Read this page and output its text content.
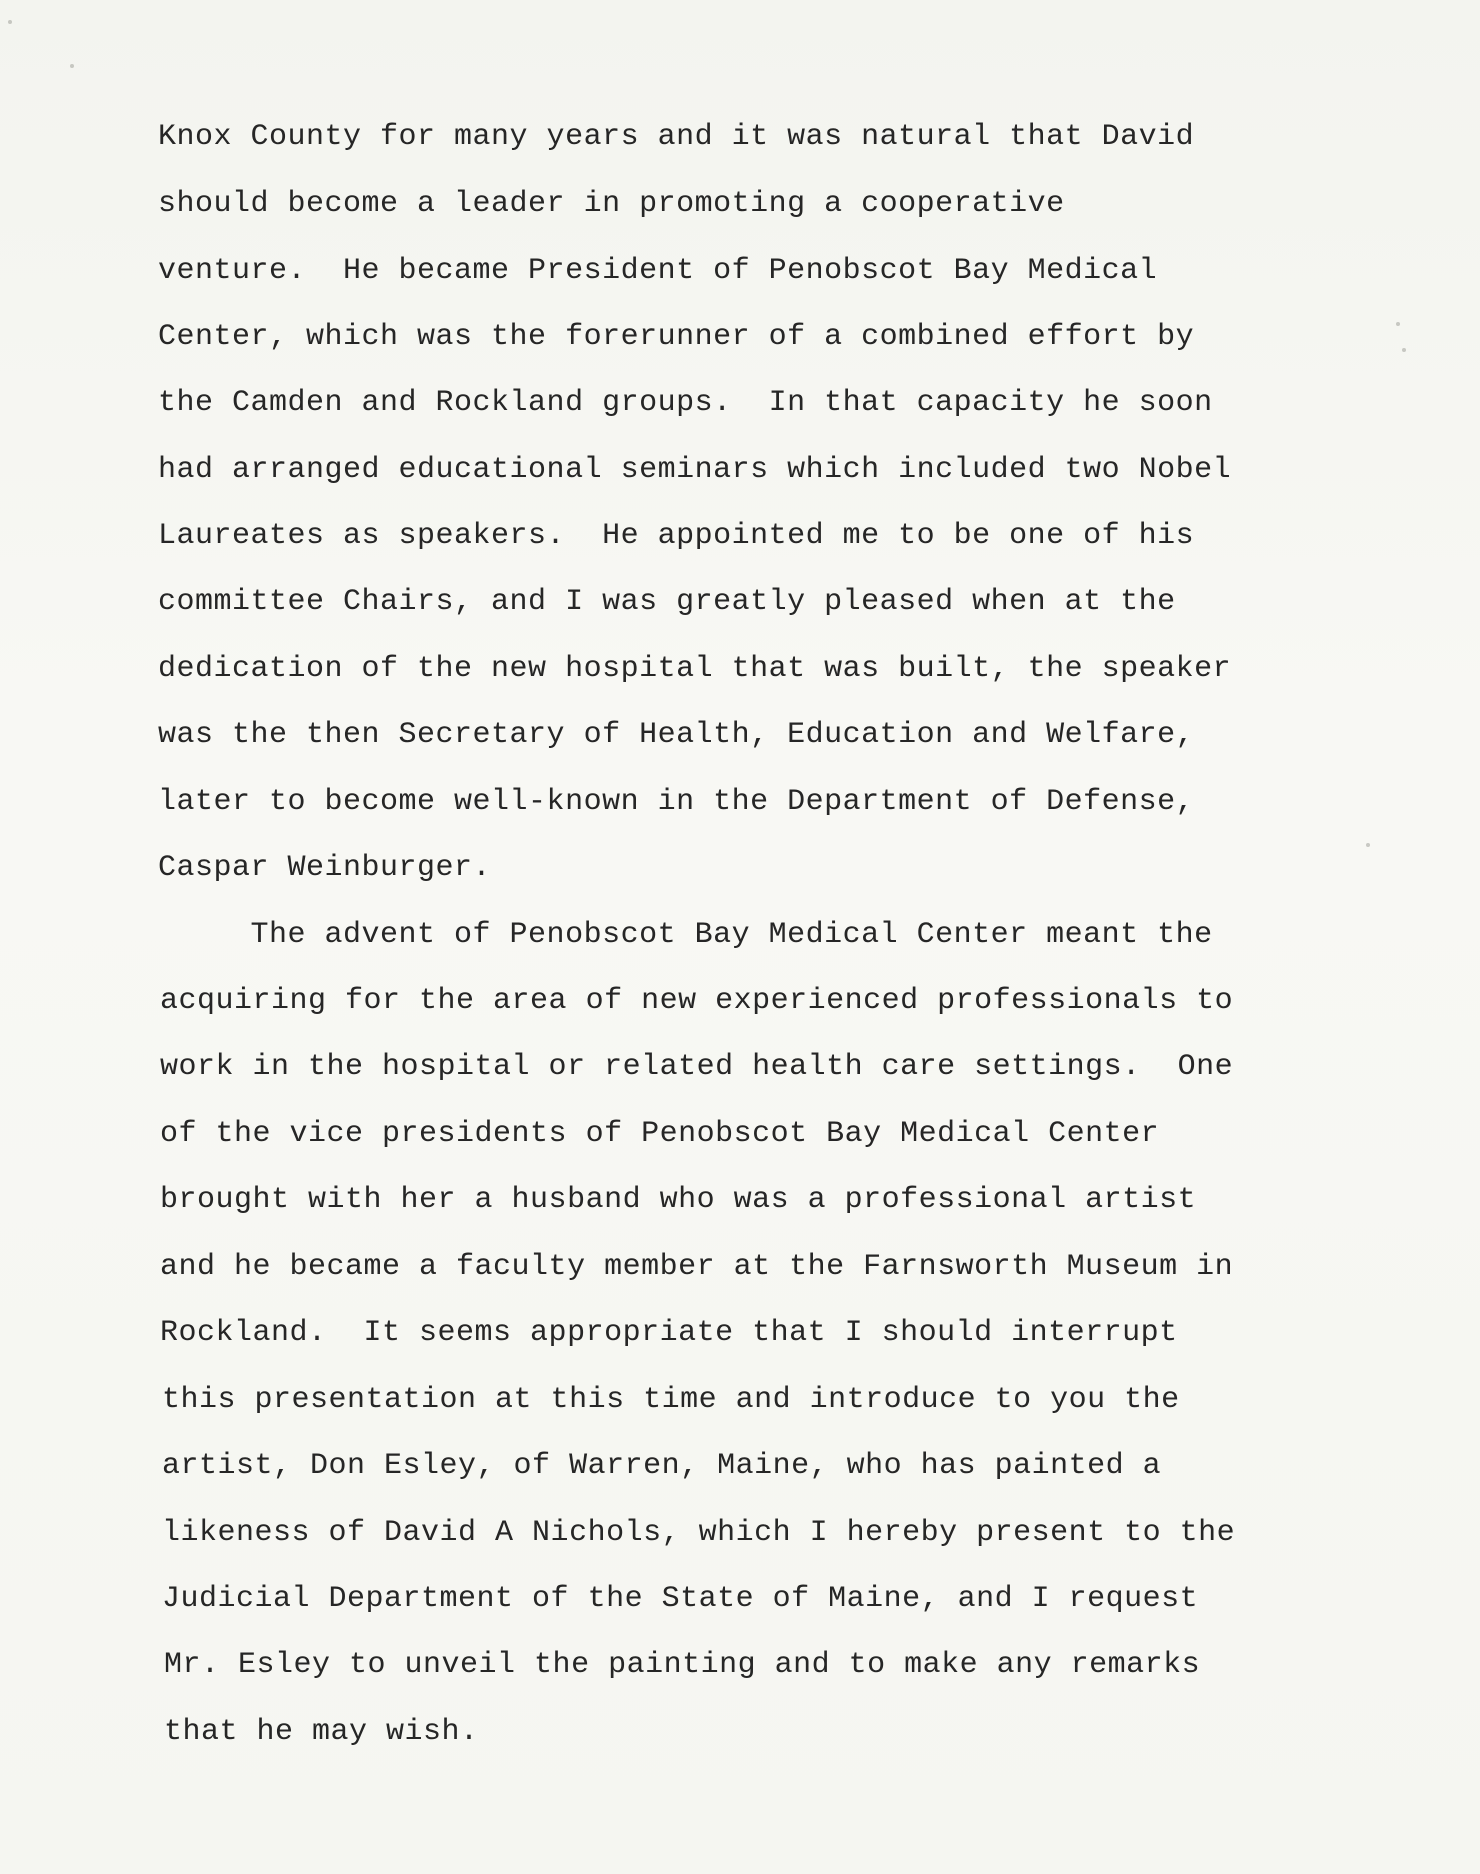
Knox County for many years and it was natural that David
should become a leader in promoting a cooperative
venture.  He became President of Penobscot Bay Medical
Center, which was the forerunner of a combined effort by
the Camden and Rockland groups.  In that capacity he soon
had arranged educational seminars which included two Nobel
Laureates as speakers.  He appointed me to be one of his
committee Chairs, and I was greatly pleased when at the
dedication of the new hospital that was built, the speaker
was the then Secretary of Health, Education and Welfare,
later to become well-known in the Department of Defense,
Caspar Weinburger.
The advent of Penobscot Bay Medical Center meant the
acquiring for the area of new experienced professionals to
work in the hospital or related health care settings.  One
of the vice presidents of Penobscot Bay Medical Center
brought with her a husband who was a professional artist
and he became a faculty member at the Farnsworth Museum in
Rockland.  It seems appropriate that I should interrupt
this presentation at this time and introduce to you the
artist, Don Esley, of Warren, Maine, who has painted a
likeness of David A Nichols, which I hereby present to the
Judicial Department of the State of Maine, and I request
Mr. Esley to unveil the painting and to make any remarks
that he may wish.
